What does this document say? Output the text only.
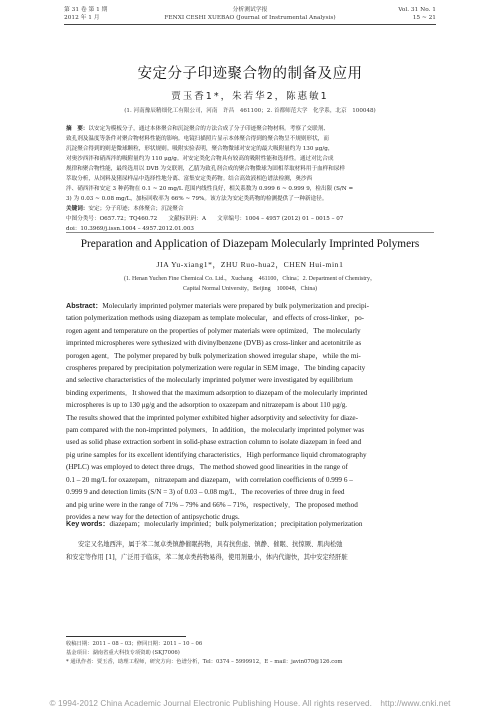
第 31 卷 第 1 期
2012 年 1 月
分析测试学报
FENXI CESHI XUEBAO (Journal of Instrumental Analysis)
Vol. 31 No. 1
15 ~ 21
安定分子印迹聚合物的制备及应用
贾玉香1*，朱若华2，陈惠敏1
(1. 河南豫辰精细化工有限公司，河南　许昌　461100；2. 首都师范大学　化学系，北京　100048)
摘　要：以安定为模板分子，通过本体聚合和沉淀聚合的方法合成了分子印迹聚合物材料。考察了交联剂、
致孔剂及温度等条件对聚合物材料性能的影响。电镜扫描照片显示本体聚合得到的聚合物呈不规则形状，而
沉淀聚合得到的则是微球颗粒，形状规则。吸附实验表明，聚合物微球对安定的最大吸附量约为 130 μg/g，
对奥沙西泮和硝西泮的吸附量约为 110 μg/g。对安定类化合物具有较高的吸附性能和选择性。通过对比合成
规律和聚合物性能，最终选用以 DVB 为交联剂，乙腈为致孔剂合成的聚合物微球为固相萃取材料用于血样和尿样
萃取分析，从饲料及猪尿样品中选择性地分离、富集安定类药物。结合高效液相色谱法检测，奥沙西
泮、硝西泮和安定 3 种药物在 0.1 ~ 20 mg/L 范围内线性良好，相关系数为 0.999 6 ~ 0.999 9，检出限 (S/N =
3) 为 0.03 ~ 0.08 mg/L，加标回收率为 66% ~ 79%。该方法为安定类药物的检测提供了一种新途径。
关键词：安定；分子印迹；本体聚合；沉淀聚合
中图分类号：O657.72；TQ460.72　　文献标识码：A　　文章编号：1004 – 4957 (2012) 01 – 0015 – 07
doi：10.3969/j.issn.1004 – 4957.2012.01.003
Preparation and Application of Diazepam Molecularly Imprinted Polymers
JIA Yu-xiang1*，ZHU Ruo-hua2，CHEN Hui-min1
(1. Henan Yuchen Fine Chemical Co. Ltd.，Xuchang　461100，China；2. Department of Chemistry，
Capital Normal University，Beijing　100048，China)
Abstract：Molecularly imprinted polymer materials were prepared by bulk polymerization and precipi-
tation polymerization methods using diazepam as template molecular，and effects of cross-linker，po-
rogen agent and temperature on the properties of polymer materials were optimized．The molecularly
imprinted microspheres were sythesized with divinylbenzene (DVB) as cross-linker and acetonitrile as
porogen agent．The polymer prepared by bulk polymerization showed irregular shape，while the mi-
crospheres prepared by precipitation polymerization were regular in SEM image．The binding capacity
and selective characteristics of the molecularly imprinted polymer were investigated by equilibrium
binding experiments．It showed that the maximum adsorption to diazepam of the molecularly imprinted
microspheres is up to 130 μg/g and the adsorption to oxazepam and nitrazepam is about 110 μg/g.
The results showed that the imprinted polymer exhibited higher adsorptivity and selectivity for diaze-
pam compared with the non-imprinted polymers．In addition，the molecularly imprinted polymer was
used as solid phase extraction sorbent in solid-phase extraction column to isolate diazepam in feed and
pig urine samples for its excellent identifying characteristics．High performance liquid chromatography
(HPLC) was employed to detect three drugs．The method showed good linearities in the range of
0.1 – 20 mg/L for oxazepam，nitrazepam and diazepam，with correlation coefficients of 0.999 6 –
0.999 9 and detection limits (S/N = 3) of 0.03 – 0.08 mg/L．The recoveries of three drug in feed
and pig urine were in the range of 71% – 79% and 66% – 71%，respectively．The proposed method
provides a new way for the detection of antipsychotic drugs.
Key words：diazepam；molecularly imprinted；bulk polymerization；precipitation polymerization
安定又名地西泮，属于苯二氮卓类镇静催眠药物，具有抗焦虑、镇静、催眠、抗惊厥、肌肉松弛
和安定等作用 [1]，广泛用于临床，苯二氮卓类药物易得，使用剂量小，体内代谢快，其中安定经肝脏
收稿日期：2011 – 08 – 03；修回日期：2011 – 10 – 06
基金项目：湖南省重大科技专项资助 (SKJ7006)
* 通讯作者：贾玉香，助理工程师，研究方向：色谱分析，Tel：0374 – 5999912，E – mail：javin070@126.com
© 1994-2012 China Academic Journal Electronic Publishing House. All rights reserved.　http://www.cnki.net
